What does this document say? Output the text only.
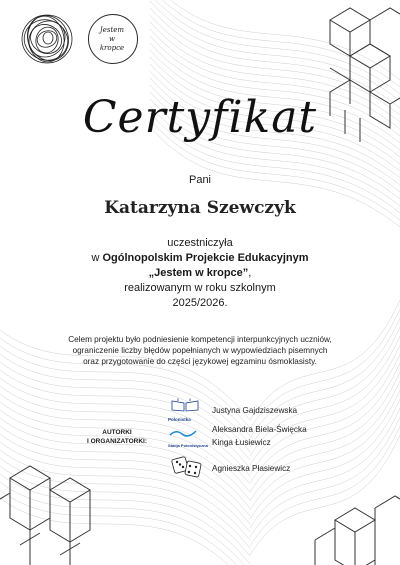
Jestem
w
kropce
Certyfikat
Pani
Katarzyna Szewczyk
uczestniczyła
w Ogólnopolskim Projekcie Edukacyjnym
„Jestem w kropce”,
realizowanym w roku szkolnym
2025/2026.
Celem projektu było podniesienie kompetencji interpunkcyjnych uczniów,
ograniczenie liczby błędów popełnianych w wypowiedziach pisemnych
oraz przygotowanie do części językowej egzaminu ósmoklasisty.
AUTORKI
I ORGANIZATORKI:
Polonistka
Justyna Gajdziszewska
Stacja Polonistyczna
Aleksandra Biela-Święcka
Kinga Łusiewicz
Agnieszka Płasiewicz
